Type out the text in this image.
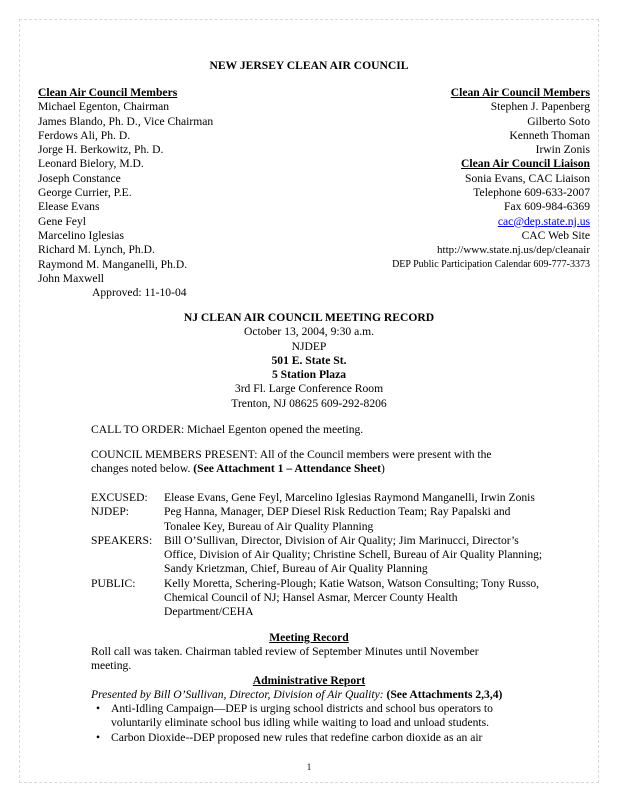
NEW JERSEY CLEAN AIR COUNCIL
Clean Air Council Members
Michael Egenton, Chairman
James Blando, Ph. D., Vice Chairman
Ferdows Ali, Ph. D.
Jorge H. Berkowitz, Ph. D.
Leonard Bielory, M.D.
Joseph Constance
George Currier, P.E.
Elease Evans
Gene Feyl
Marcelino Iglesias
Richard M. Lynch, Ph.D.
Raymond M. Manganelli, Ph.D.
John Maxwell
Approved: 11-10-04
Clean Air Council Members
Stephen J. Papenberg
Gilberto Soto
Kenneth Thoman
Irwin Zonis
Clean Air Council Liaison
Sonia Evans, CAC Liaison
Telephone 609-633-2007
Fax 609-984-6369
cac@dep.state.nj.us
CAC Web Site
http://www.state.nj.us/dep/cleanair
DEP Public Participation Calendar 609-777-3373
NJ CLEAN AIR COUNCIL MEETING RECORD
October 13, 2004, 9:30 a.m.
NJDEP
501 E. State St.
5 Station Plaza
3rd Fl. Large Conference Room
Trenton, NJ 08625 609-292-8206
CALL TO ORDER: Michael Egenton opened the meeting.
COUNCIL MEMBERS PRESENT: All of the Council members were present with the changes noted below. (See Attachment 1 – Attendance Sheet)
EXCUSED:	Elease Evans, Gene Feyl, Marcelino Iglesias Raymond Manganelli, Irwin Zonis
NJDEP:	Peg Hanna, Manager, DEP Diesel Risk Reduction Team; Ray Papalski and Tonalee Key, Bureau of Air Quality Planning
SPEAKERS:	Bill O’Sullivan, Director, Division of Air Quality; Jim Marinucci, Director’s Office, Division of Air Quality; Christine Schell, Bureau of Air Quality Planning; Sandy Krietzman, Chief, Bureau of Air Quality Planning
PUBLIC:	Kelly Moretta, Schering-Plough; Katie Watson, Watson Consulting; Tony Russo, Chemical Council of NJ; Hansel Asmar, Mercer County Health Department/CEHA
Meeting Record
Roll call was taken. Chairman tabled review of September Minutes until November meeting.
Administrative Report
Presented by Bill O’Sullivan, Director, Division of Air Quality: (See Attachments 2,3,4)
• Anti-Idling Campaign—DEP is urging school districts and school bus operators to voluntarily eliminate school bus idling while waiting to load and unload students.
• Carbon Dioxide--DEP proposed new rules that redefine carbon dioxide as an air
1
